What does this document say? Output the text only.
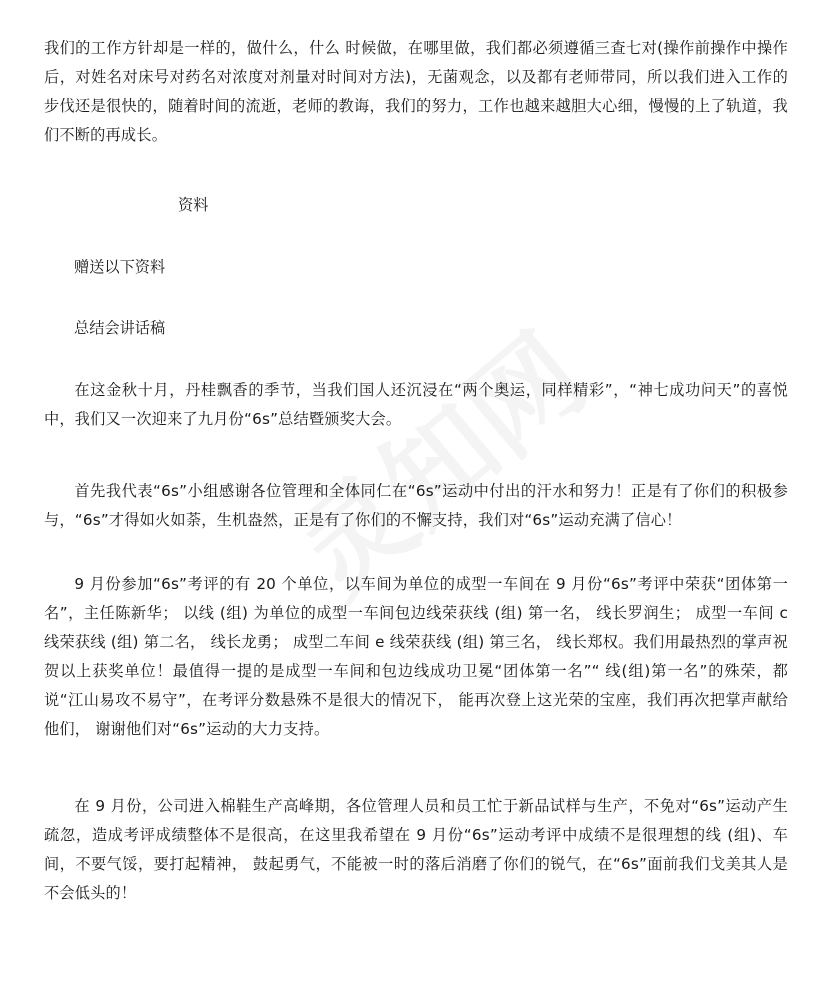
我们的工作方针却是一样的，做什么，什么 时候做，在哪里做，我们都必须遵循三查七对(操作前操作中操作后，对姓名对床号对药名对浓度对剂量对时间对方法)，无菌观念，以及都有老师带同，所以我们进入工作的步伐还是很快的，随着时间的流逝，老师的教诲，我们的努力，工作也越来越胆大心细，慢慢的上了轨道，我们不断的再成长。

资料

赠送以下资料

总结会讲话稿

在这金秋十月，丹桂飘香的季节，当我们国人还沉浸在“两个奥运，同样精彩”，“神七成功问天”的喜悦中，我们又一次迎来了九月份“6s”总结暨颁奖大会。

首先我代表“6s”小组感谢各位管理和全体同仁在“6s”运动中付出的汗水和努力！正是有了你们的积极参与，“6s”才得如火如荼，生机盎然，正是有了你们的不懈支持，我们对“6s”运动充满了信心！

9 月份参加“6s”考评的有 20 个单位，以车间为单位的成型一车间在 9 月份“6s”考评中荣获“团体第一名”，主任陈新华； 以线 (组) 为单位的成型一车间包边线荣获线 (组) 第一名， 线长罗润生； 成型一车间 c 线荣获线 (组) 第二名， 线长龙勇； 成型二车间 e 线荣获线 (组) 第三名， 线长郑权。我们用最热烈的掌声祝贺以上获奖单位！最值得一提的是成型一车间和包边线成功卫冕“团体第一名”“ 线(组)第一名”的殊荣，都说“江山易攻不易守”，在考评分数悬殊不是很大的情况下， 能再次登上这光荣的宝座，我们再次把掌声献给他们， 谢谢他们对“6s”运动的大力支持。

在 9 月份，公司进入棉鞋生产高峰期，各位管理人员和员工忙于新品试样与生产，不免对“6s”运动产生疏忽，造成考评成绩整体不是很高，在这里我希望在 9 月份“6s”运动考评中成绩不是很理想的线 (组)、车间，不要气馁，要打起精神， 鼓起勇气，不能被一时的落后消磨了你们的锐气，在“6s”面前我们戈美其人是不会低头的！
